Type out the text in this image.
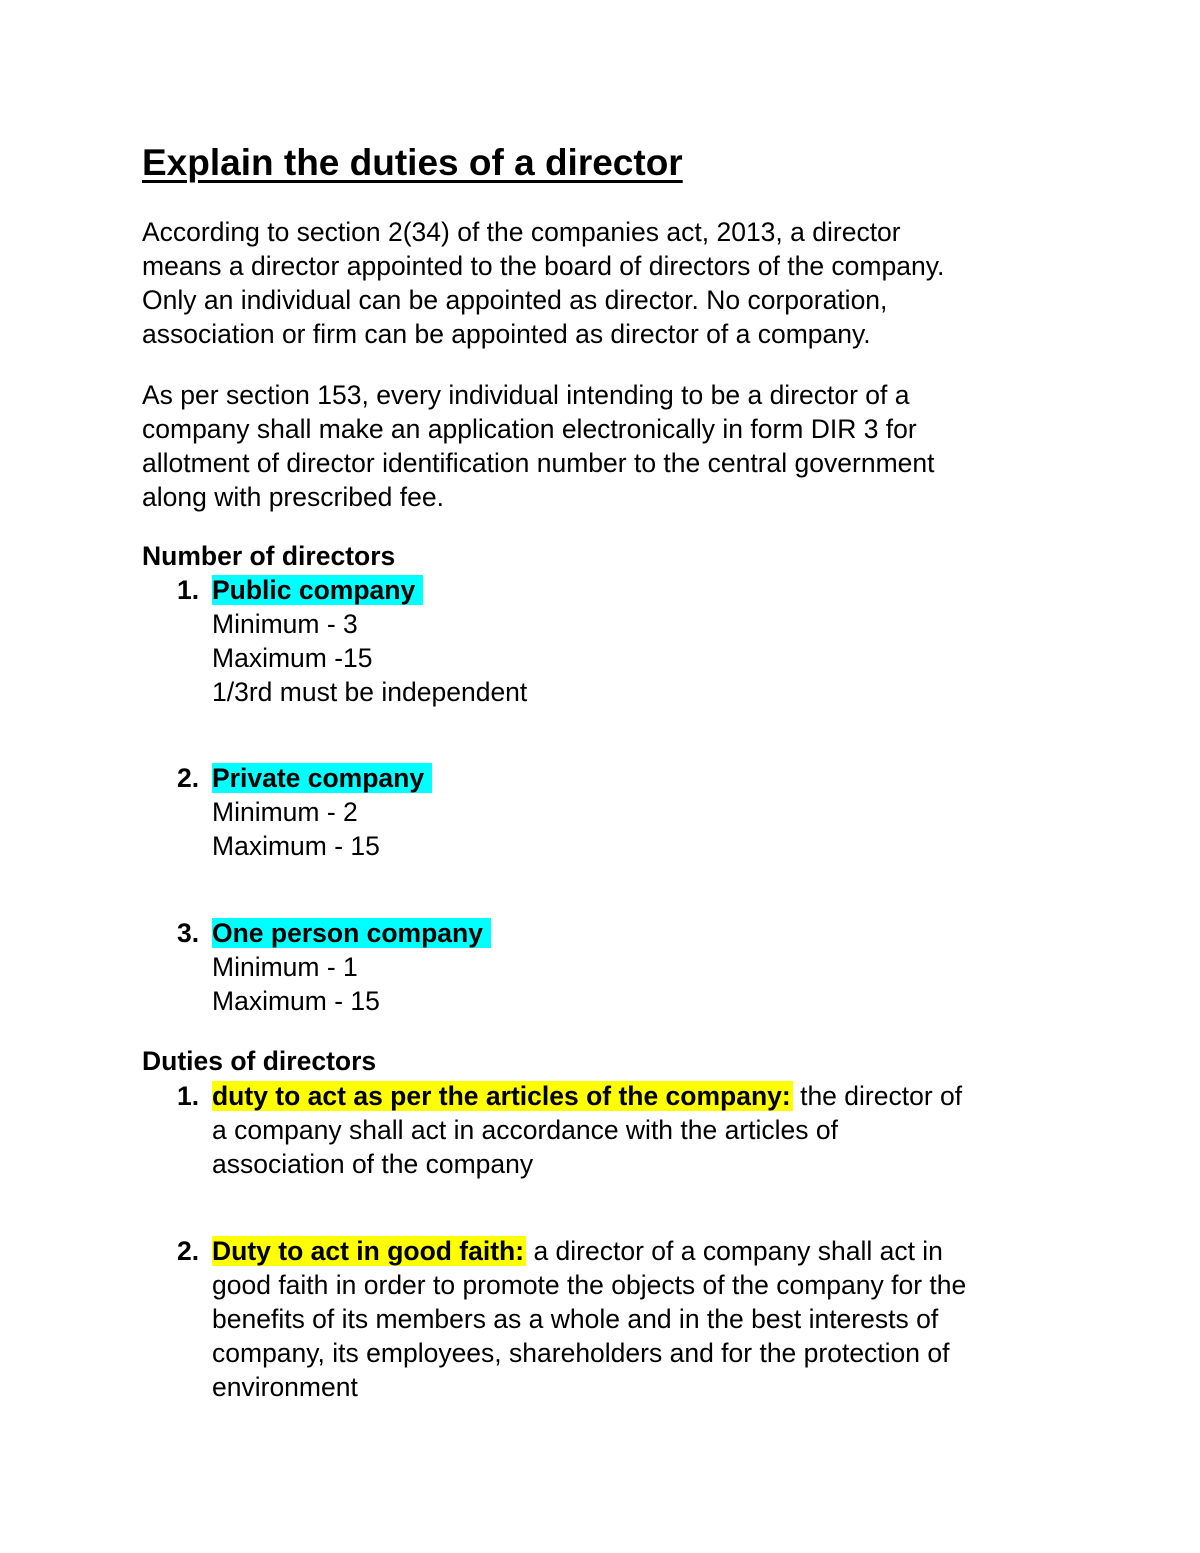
Explain the duties of a director

According to section 2(34) of the companies act, 2013, a director
means a director appointed to the board of directors of the company.
Only an individual can be appointed as director. No corporation,
association or firm can be appointed as director of a company.

As per section 153, every individual intending to be a director of a
company shall make an application electronically in form DIR 3 for
allotment of director identification number to the central government
along with prescribed fee.

Number of directors
1. Public company
Minimum - 3
Maximum -15
1/3rd must be independent
2. Private company
Minimum - 2
Maximum - 15
3. One person company
Minimum - 1
Maximum - 15
Duties of directors
1. duty to act as per the articles of the company: the director of
a company shall act in accordance with the articles of
association of the company
2. Duty to act in good faith: a director of a company shall act in
good faith in order to promote the objects of the company for the
benefits of its members as a whole and in the best interests of
company, its employees, shareholders and for the protection of
environment
